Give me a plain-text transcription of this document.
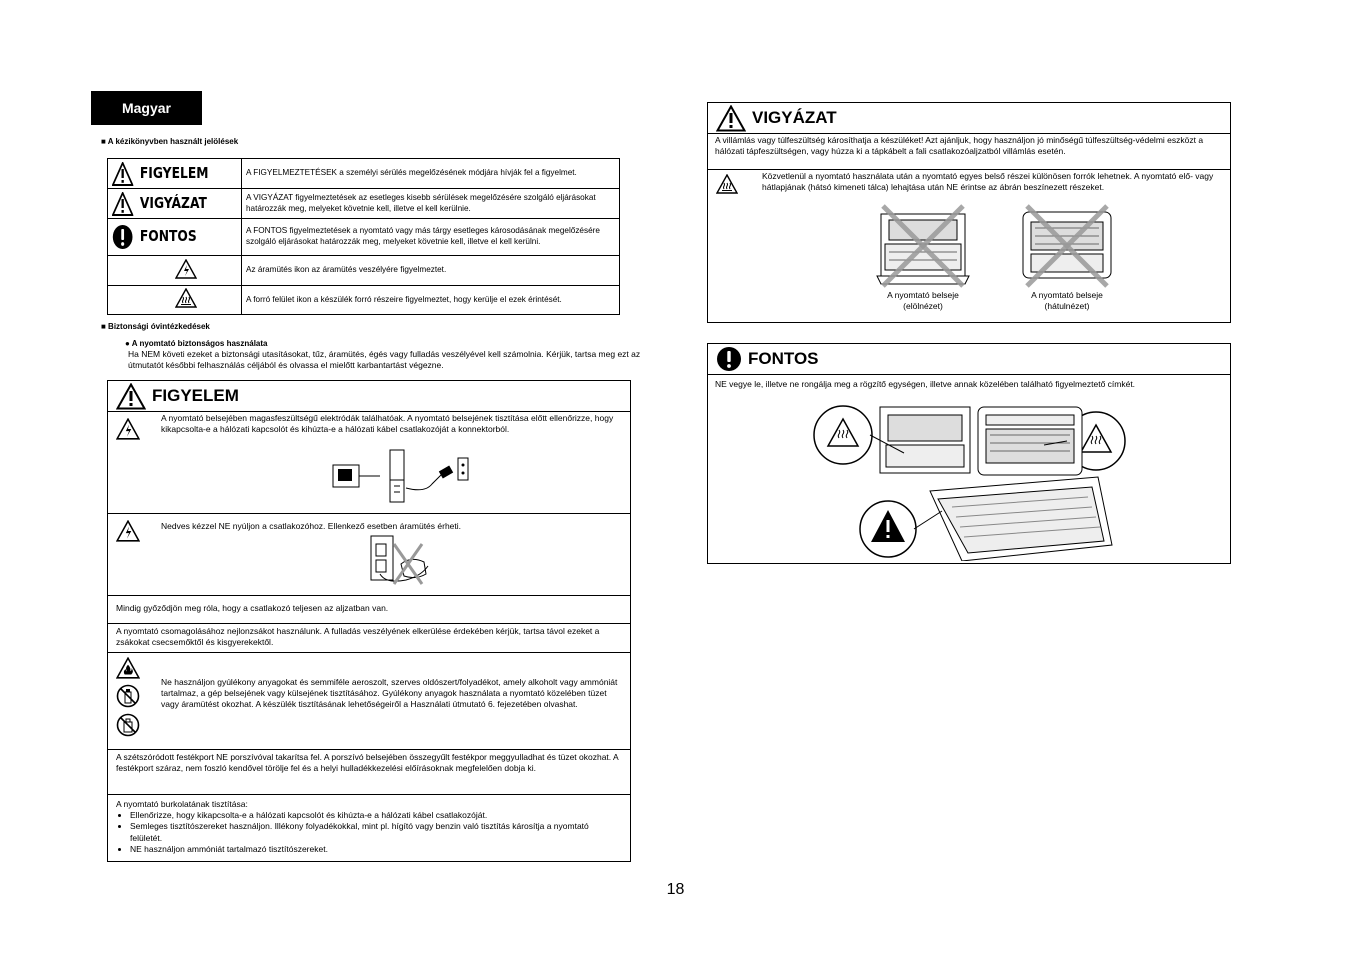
Magyar
■ A kézikönyvben használt jelölések
FIGYELEM	A FIGYELMEZTETÉSEK a személyi sérülés megelőzésének módjára hívják fel a figyelmet.

VIGYÁZAT	A VIGYÁZAT figyelmeztetések az esetleges kisebb sérülések megelőzésére szolgáló eljárásokat határozzák meg, melyeket követnie kell, illetve el kell kerülnie.

FONTOS	A FONTOS figyelmeztetések a nyomtató vagy más tárgy esetleges károsodásának megelőzésére szolgáló eljárásokat határozzák meg, melyeket követnie kell, illetve el kell kerülni.
	Az áramütés ikon az áramütés veszélyére figyelmeztet.
	A forró felület ikon a készülék forró részeire figyelmeztet, hogy kerülje el ezek érintését.
■ Biztonsági óvintézkedések
● A nyomtató biztonságos használata
Ha NEM követi ezeket a biztonsági utasításokat, tűz, áramütés, égés vagy fulladás veszélyével kell számolnia. Kérjük, tartsa meg ezt az útmutatót későbbi felhasználás céljából és olvassa el mielőtt karbantartást végezne.
FIGYELEM
A nyomtató belsejében magasfeszültségű elektródák találhatóak. A nyomtató belsejének tisztítása előtt ellenőrizze, hogy kikapcsolta-e a hálózati kapcsolót és kihúzta-e a hálózati kábel csatlakozóját a konnektorból.
Nedves kézzel NE nyúljon a csatlakozóhoz. Ellenkező esetben áramütés érheti.
Mindig győződjön meg róla, hogy a csatlakozó teljesen az aljzatban van.
A nyomtató csomagolásához nejlonzsákot használunk. A fulladás veszélyének elkerülése érdekében kérjük, tartsa távol ezeket a zsákokat csecsemőktől és kisgyerekektől.
Ne használjon gyúlékony anyagokat és semmiféle aeroszolt, szerves oldószert/folyadékot, amely alkoholt vagy ammóniát tartalmaz, a gép belsejének vagy külsejének tisztításához. Gyúlékony anyagok használata a nyomtató közelében tüzet vagy áramütést okozhat. A készülék tisztításának lehetőségeiről a Használati útmutató 6. fejezetében olvashat.
A szétszóródott festékport NE porszívóval takarítsa fel. A porszívó belsejében összegyűlt festékpor meggyulladhat és tüzet okozhat. A festékport száraz, nem foszló kendővel törölje fel és a helyi hulladékkezelési előírásoknak megfelelően dobja ki.
A nyomtató burkolatának tisztítása:
• Ellenőrizze, hogy kikapcsolta-e a hálózati kapcsolót és kihúzta-e a hálózati kábel csatlakozóját.
• Semleges tisztítószereket használjon. Illékony folyadékokkal, mint pl. hígító vagy benzin való tisztítás károsítja a nyomtató felületét.
• NE használjon ammóniát tartalmazó tisztítószereket.
VIGYÁZAT
A villámlás vagy túlfeszültség károsíthatja a készüléket! Azt ajánljuk, hogy használjon jó minőségű túlfeszültség-védelmi eszközt a hálózati tápfeszültségen, vagy húzza ki a tápkábelt a fali csatlakozóaljzatból villámlás esetén.
Közvetlenül a nyomtató használata után a nyomtató egyes belső részei különösen forrók lehetnek. A nyomtató elő- vagy hátlapjának (hátsó kimeneti tálca) lehajtása után NE érintse az ábrán beszínezett részeket.
A nyomtató belseje (elölnézet)
A nyomtató belseje (hátulnézet)
FONTOS
NE vegye le, illetve ne rongálja meg a rögzítő egységen, illetve annak közelében található figyelmeztető címkét.
18
